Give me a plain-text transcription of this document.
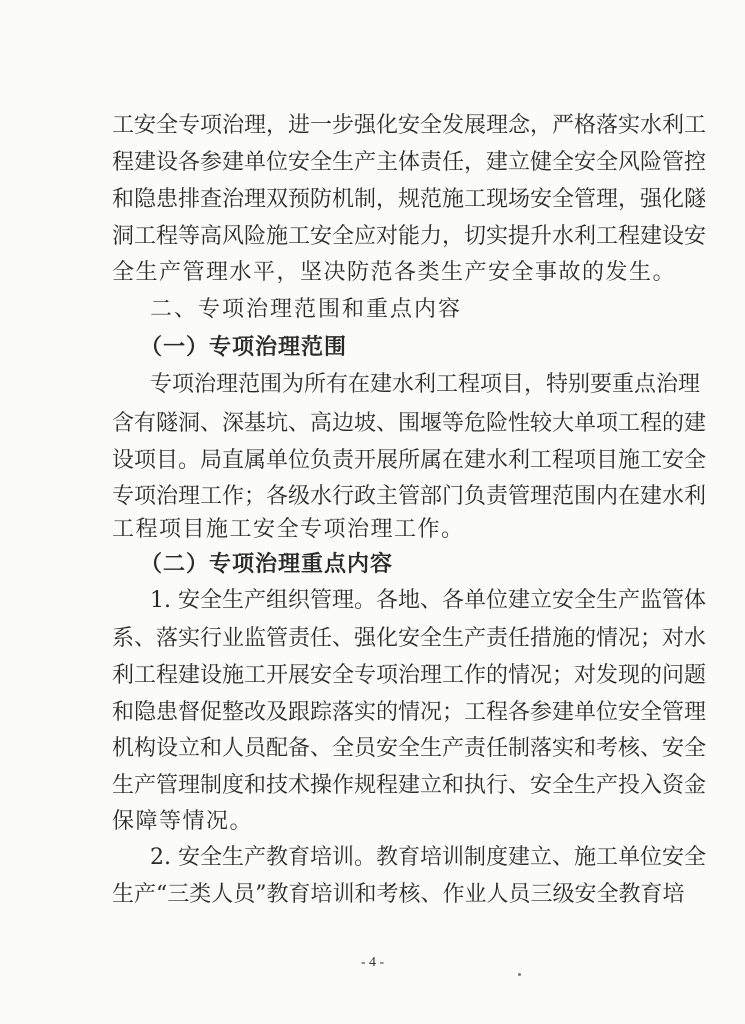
工安全专项治理，进一步强化安全发展理念，严格落实水利工
程建设各参建单位安全生产主体责任，建立健全安全风险管控
和隐患排查治理双预防机制，规范施工现场安全管理，强化隧
洞工程等高风险施工安全应对能力，切实提升水利工程建设安
全生产管理水平，坚决防范各类生产安全事故的发生。
二、专项治理范围和重点内容
（一）专项治理范围
专项治理范围为所有在建水利工程项目，特别要重点治理
含有隧洞、深基坑、高边坡、围堰等危险性较大单项工程的建
设项目。局直属单位负责开展所属在建水利工程项目施工安全
专项治理工作；各级水行政主管部门负责管理范围内在建水利
工程项目施工安全专项治理工作。
（二）专项治理重点内容
1. 安全生产组织管理。各地、各单位建立安全生产监管体
系、落实行业监管责任、强化安全生产责任措施的情况；对水
利工程建设施工开展安全专项治理工作的情况；对发现的问题
和隐患督促整改及跟踪落实的情况；工程各参建单位安全管理
机构设立和人员配备、全员安全生产责任制落实和考核、安全
生产管理制度和技术操作规程建立和执行、安全生产投入资金
保障等情况。
2. 安全生产教育培训。教育培训制度建立、施工单位安全
生产“三类人员”教育培训和考核、作业人员三级安全教育培
- 4 -
